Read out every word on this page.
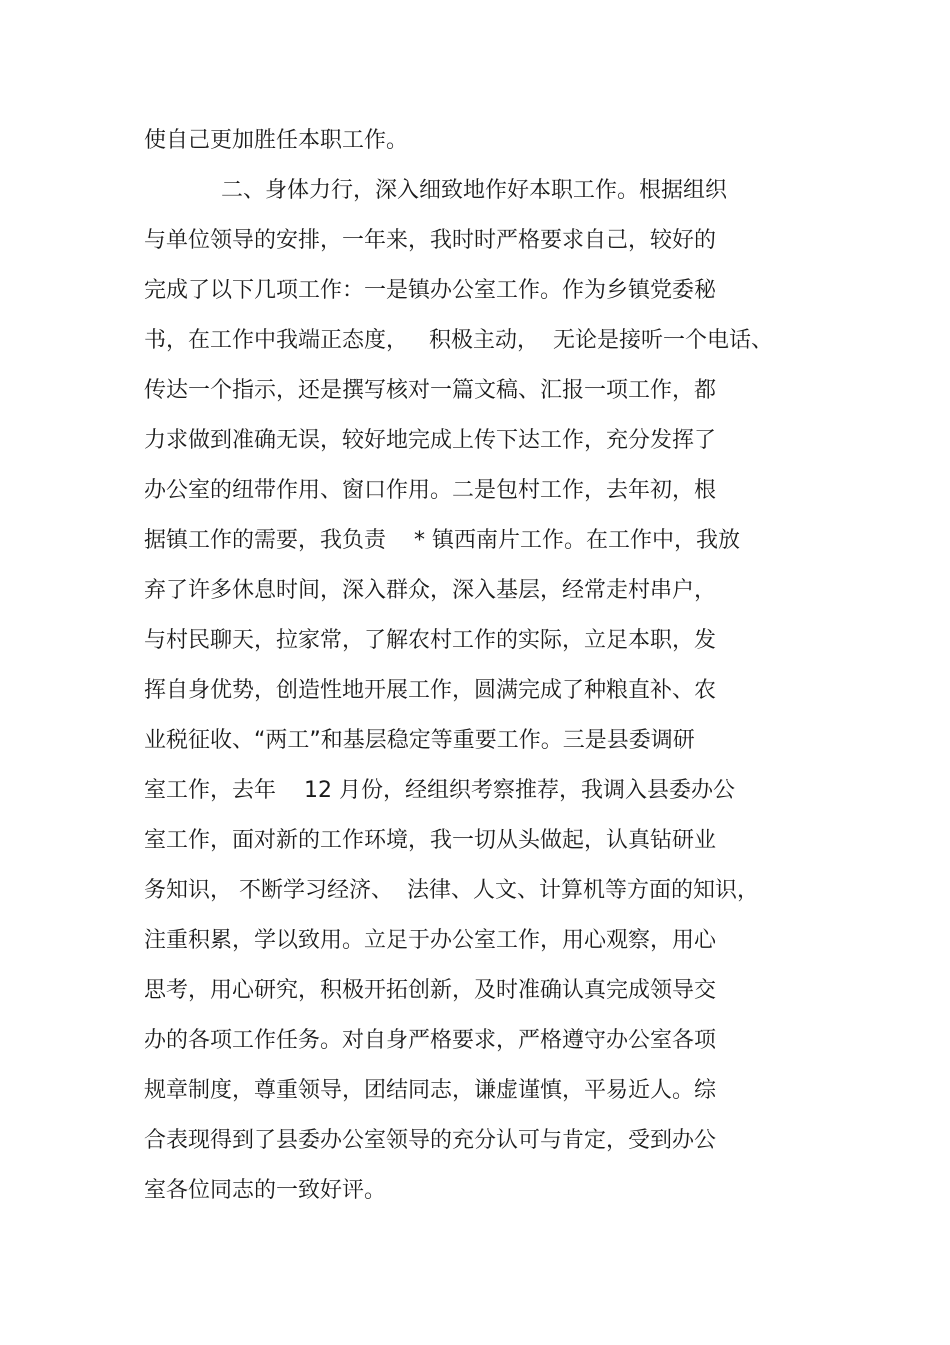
使自己更加胜任本职工作。

二、身体力行，深入细致地作好本职工作。根据组织

与单位领导的安排，一年来，我时时严格要求自己，较好的

完成了以下几项工作：一是镇办公室工作。作为乡镇党委秘

书，在工作中我端正态度，   积极主动，  无论是接听一个电话、

传达一个指示，还是撰写核对一篇文稿、汇报一项工作，都

力求做到准确无误，较好地完成上传下达工作，充分发挥了

办公室的纽带作用、窗口作用。二是包村工作，去年初，根

据镇工作的需要，我负责    * 镇西南片工作。在工作中，我放

弃了许多休息时间，深入群众，深入基层，经常走村串户，

与村民聊天，拉家常，了解农村工作的实际，立足本职，发

挥自身优势，创造性地开展工作，圆满完成了种粮直补、农

业税征收、“两工”和基层稳定等重要工作。三是县委调研

室工作，去年    12 月份，经组织考察推荐，我调入县委办公

室工作，面对新的工作环境，我一切从头做起，认真钻研业

务知识， 不断学习经济、  法律、人文、计算机等方面的知识，

注重积累，学以致用。立足于办公室工作，用心观察，用心

思考，用心研究，积极开拓创新，及时准确认真完成领导交

办的各项工作任务。对自身严格要求，严格遵守办公室各项

规章制度，尊重领导，团结同志，谦虚谨慎，平易近人。综

合表现得到了县委办公室领导的充分认可与肯定，受到办公

室各位同志的一致好评。
